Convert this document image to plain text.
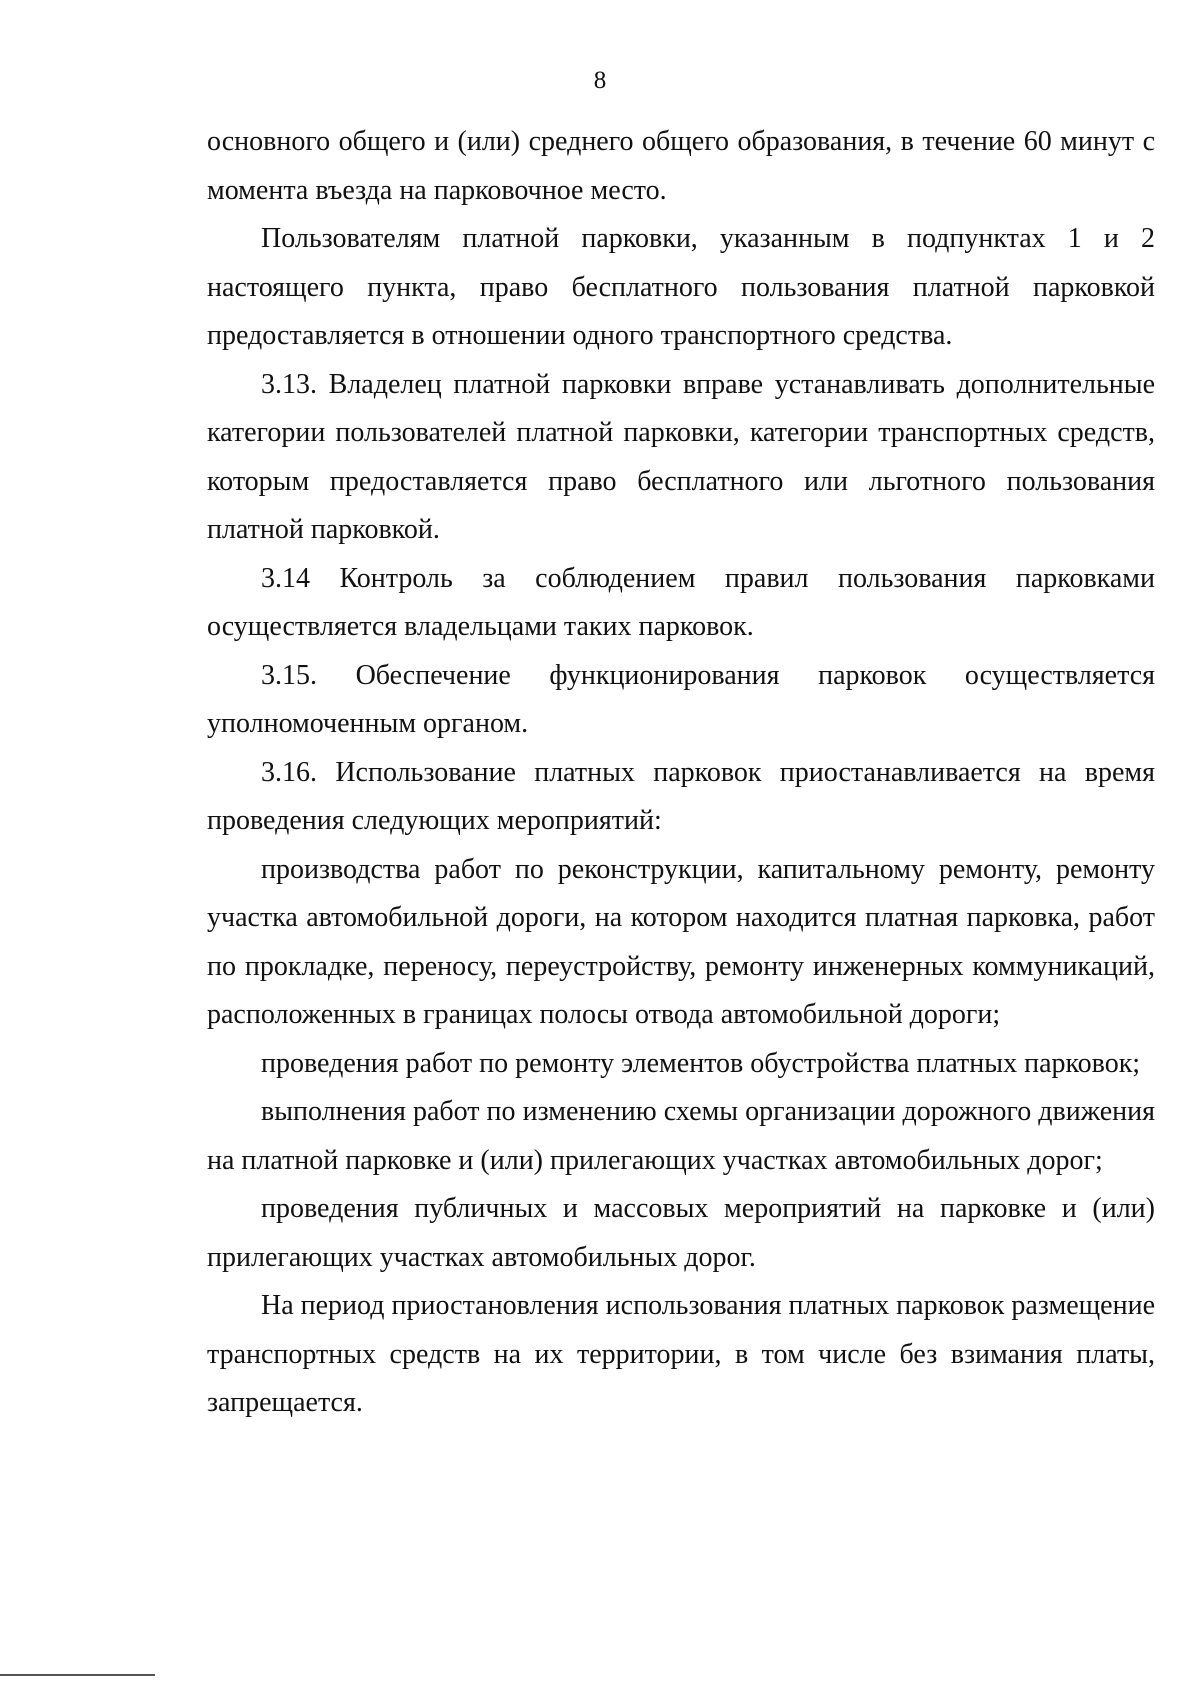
8

основного общего и (или) среднего общего образования, в течение 60 минут с момента въезда на парковочное место.

Пользователям платной парковки, указанным в подпунктах 1 и 2 настоящего пункта, право бесплатного пользования платной парковкой предоставляется в отношении одного транспортного средства.

3.13. Владелец платной парковки вправе устанавливать дополнительные категории пользователей платной парковки, категории транспортных средств, которым предоставляется право бесплатного или льготного пользования платной парковкой.

3.14 Контроль за соблюдением правил пользования парковками осуществляется владельцами таких парковок.

3.15. Обеспечение функционирования парковок осуществляется уполномоченным органом.

3.16. Использование платных парковок приостанавливается на время проведения следующих мероприятий:

производства работ по реконструкции, капитальному ремонту, ремонту участка автомобильной дороги, на котором находится платная парковка, работ по прокладке, переносу, переустройству, ремонту инженерных коммуникаций, расположенных в границах полосы отвода автомобильной дороги;

проведения работ по ремонту элементов обустройства платных парковок;

выполнения работ по изменению схемы организации дорожного движения на платной парковке и (или) прилегающих участках автомобильных дорог;

проведения публичных и массовых мероприятий на парковке и (или) прилегающих участках автомобильных дорог.

На период приостановления использования платных парковок размещение транспортных средств на их территории, в том числе без взимания платы, запрещается.
